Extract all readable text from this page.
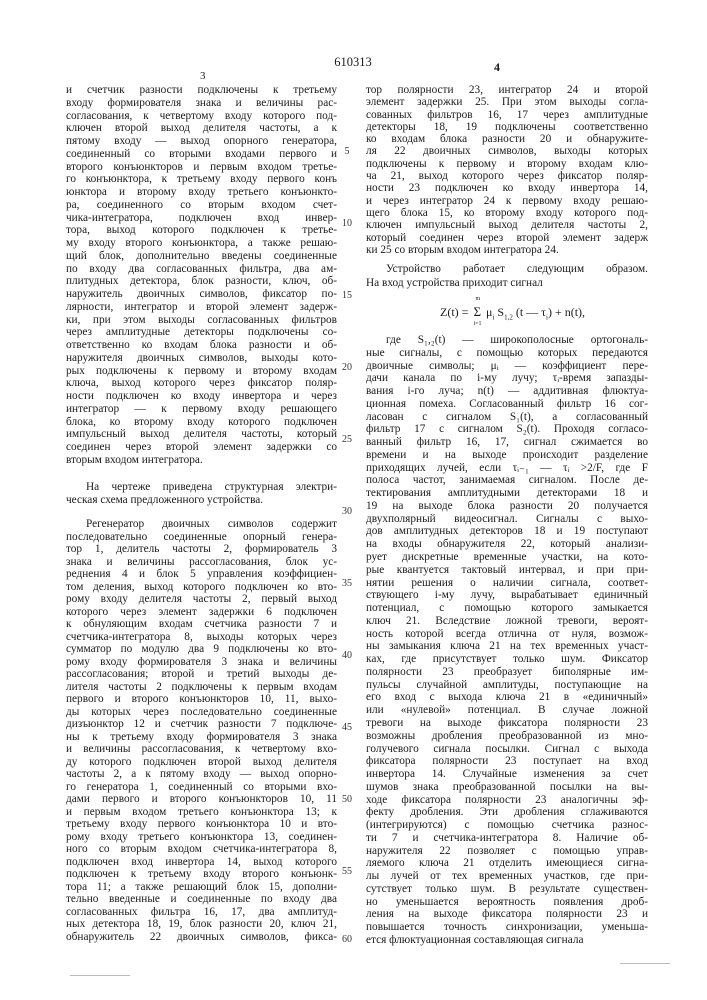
610313
3
4
и счетчик разности подключены к третьему
входу формирователя знака и величины рас-
согласования, к четвертому входу которого под-
ключен второй выход делителя частоты, а к
пятому входу — выход опорного генератора,
соединенный со вторыми входами первого и
второго конъюнкторов и первым входом третье-
го конъюнктора, к третьему входу первого конъ
юнктора и второму входу третьего конъюнкто-
ра, соединенного со вторым входом счет-
чика-интегратора, подключен вход инвер-
тора, выход которого подключен к третье-
му входу второго конъюнктора, а также решаю-
щий блок, дополнительно введены соединенные
по входу два согласованных фильтра, два ам-
плитудных детектора, блок разности, ключ, об-
наружитель двоичных символов, фиксатор по-
лярности, интегратор и второй элемент задерж-
ки, при этом выходы согласованных фильтров
через амплитудные детекторы подключены со-
ответственно ко входам блока разности и об-
наружителя двоичных символов, выходы кото-
рых подключены к первому и второму входам
ключа, выход которого через фиксатор поляр-
ности подключен ко входу инвертора и через
интегратор — к первому входу решающего
блока, ко второму входу которого подключен
импульсный выход делителя частоты, который
соединен через второй элемент задержки со
вторым входом интегратора.
На чертеже приведена структурная электри-
ческая схема предложенного устройства.
Регенератор двоичных символов содержит
последовательно соединенные опорный генера-
тор 1, делитель частоты 2, формирователь 3
знака и величины рассогласования, блок ус-
реднения 4 и блок 5 управления коэффициен-
том деления, выход которого подключен ко вто-
рому входу делителя частоты 2, первый выход
которого через элемент задержки 6 подключен
к обнуляющим входам счетчика разности 7 и
счетчика-интегратора 8, выходы которых через
сумматор по модулю два 9 подключены ко вто-
рому входу формирователя 3 знака и величины
рассогласования; второй и третий выходы де-
лителя частоты 2 подключены к первым входам
первого и второго конъюнкторов 10, 11, выхо-
ды которых через последовательно соединенные
дизъюнктор 12 и счетчик разности 7 подключе-
ны к третьему входу формирователя 3 знака
и величины рассогласования, к четвертому вхо-
ду которого подключен второй выход делителя
частоты 2, а к пятому входу — выход опорно-
го генератора 1, соединенный со вторыми вхо-
дами первого и второго конъюнкторов 10, 11
и первым входом третьего конъюнктора 13; к
третьему входу первого конъюнктора 10 и вто-
рому входу третьего конъюнктора 13, соединен-
ного со вторым входом счетчика-интегратора 8,
подключен вход инвертора 14, выход которого
подключен к третьему входу второго конъюнк-
тора 11; а также решающий блок 15, дополни-
тельно введенные и соединенные по входу два
согласованных фильтра 16, 17, два амплитуд-
ных детектора 18, 19, блок разности 20, ключ 21,
обнаружитель 22 двоичных символов, фикса-
тор полярности 23, интегратор 24 и второй
элемент задержки 25. При этом выходы согла-
сованных фильтров 16, 17 через амплитудные
детекторы 18, 19 подключены соответственно
ко входам блока разности 20 и обнаружите-
ля 22 двоичных символов, выходы которых
подключены к первому и второму входам клю-
ча 21, выход которого через фиксатор поляр-
ности 23 подключен ко входу инвертора 14,
и через интегратор 24 к первому входу решаю-
щего блока 15, ко второму входу которого под-
ключен импульсный выход делителя частоты 2,
который соединен через второй элемент задерж
ки 25 со вторым входом интегратора 24.
Устройство работает следующим образом.
На вход устройства приходит сигнал
где S₁,₂(t) — широкополосные ортогональ-
ные сигналы, с помощью которых передаются
двоичные символы; μᵢ — коэффициент пере-
дачи канала по i-му лучу; τᵢ-время запазды-
вания i-го луча; n(t) — аддитивная флюктуа-
ционная помеха. Согласованный фильтр 16 сог-
ласован с сигналом S₁(t), а согласованный
фильтр 17 с сигналом S₂(t). Проходя согласо-
ванный фильтр 16, 17, сигнал сжимается во
времени и на выходе происходит разделение
приходящих лучей, если τᵢ₋₁ — τᵢ >2/F, где F
полоса частот, занимаемая сигналом. После де-
тектирования амплитудными детекторами 18 и
19 на выходе блока разности 20 получается
двухполярный видеосигнал. Сигналы с выхо-
дов амплитудных детекторов 18 и 19 поступают
на входы обнаружителя 22, который анализи-
рует дискретные временные участки, на кото-
рые квантуется тактовый интервал, и при при-
нятии решения о наличии сигнала, соответ-
ствующего i-му лучу, вырабатывает единичный
потенциал, с помощью которого замыкается
ключ 21. Вследствие ложной тревоги, вероят-
ность которой всегда отлична от нуля, возмож-
ны замыкания ключа 21 на тех временных участ-
ках, где присутствует только шум. Фиксатор
полярности 23 преобразует биполярные им-
пульсы случайной амплитуды, поступающие на
его вход с выхода ключа 21 в «единичный»
или «нулевой» потенциал. В случае ложной
тревоги на выходе фиксатора полярности 23
возможны дробления преобразованной из мно-
голучевого сигнала посылки. Сигнал с выхода
фиксатора полярности 23 поступает на вход
инвертора 14. Случайные изменения за счет
шумов знака преобразованной посылки на вы-
ходе фиксатора полярности 23 аналогичны эф-
фекту дробления. Эти дробления сглаживаются
(интегрируются) с помощью счетчика разнос-
ти 7 и счетчика-интегратора 8. Наличие об-
наружителя 22 позволяет с помощью управ-
ляемого ключа 21 отделить имеющиеся сигна-
лы лучей от тех временных участков, где при-
сутствует только шум. В результате существен-
но уменьшается вероятность появления дроб-
ления на выходе фиксатора полярности 23 и
повышается точность синхронизации, уменьша-
ется флюктуационная составляющая сигнала
5
10
15
20
25
30
35
40
45
50
55
60
Z(t) = Σ
m
i=1
μi S1,2 (t — τi) + n(t),
